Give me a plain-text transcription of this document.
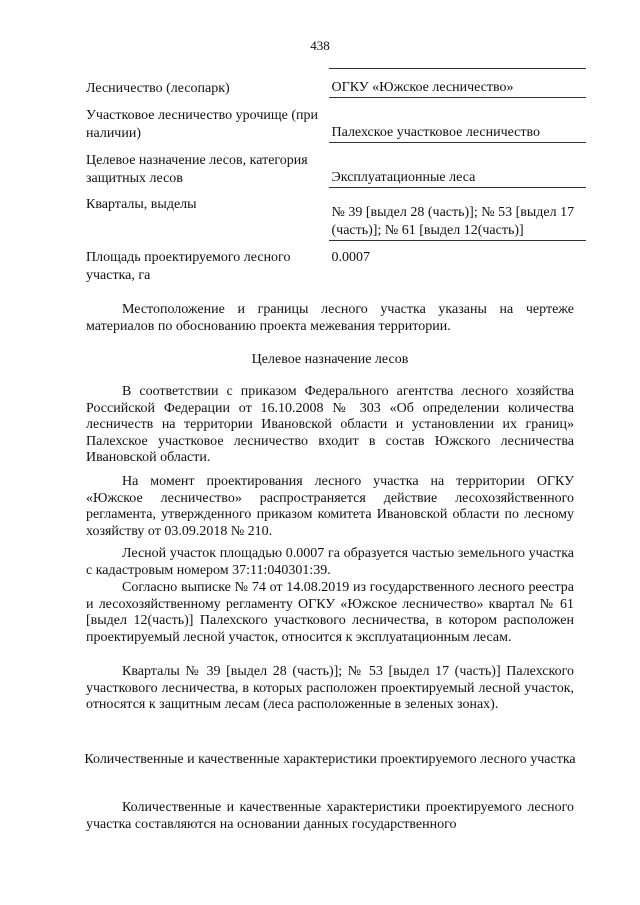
438
Лесничество (лесопарк)	ОГКУ «Южское лесничество»
Участковое лесничество урочище (при наличии)	Палехское участковое лесничество
Целевое назначение лесов, категория защитных лесов	Эксплуатационные леса
Кварталы, выделы	№ 39 [выдел 28 (часть)]; № 53 [выдел 17 (часть)]; № 61 [выдел 12(часть)]
Площадь проектируемого лесного участка, га	0.0007

Местоположение и границы лесного участка указаны на чертеже материалов по обоснованию проекта межевания территории.

Целевое назначение лесов

В соответствии с приказом Федерального агентства лесного хозяйства Российской Федерации от 16.10.2008 № 303 «Об определении количества лесничеств на территории Ивановской области и установлении их границ» Палехское участковое лесничество входит в состав Южского лесничества Ивановской области.

На момент проектирования лесного участка на территории ОГКУ «Южское лесничество» распространяется действие лесохозяйственного регламента, утвержденного приказом комитета Ивановской области по лесному хозяйству от 03.09.2018 № 210.

Лесной участок площадью 0.0007 га образуется частью земельного участка с кадастровым номером 37:11:040301:39.

Согласно выписке № 74 от 14.08.2019 из государственного лесного реестра и лесохозяйственному регламенту ОГКУ «Южское лесничество» квартал № 61 [выдел 12(часть)] Палехского участкового лесничества, в котором расположен проектируемый лесной участок, относится к эксплуатационным лесам.

Кварталы № 39 [выдел 28 (часть)]; № 53 [выдел 17 (часть)] Палехского участкового лесничества, в которых расположен проектируемый лесной участок, относятся к защитным лесам (леса расположенные в зеленых зонах).

Количественные и качественные характеристики проектируемого лесного участка

Количественные и качественные характеристики проектируемого лесного участка составляются на основании данных государственного
